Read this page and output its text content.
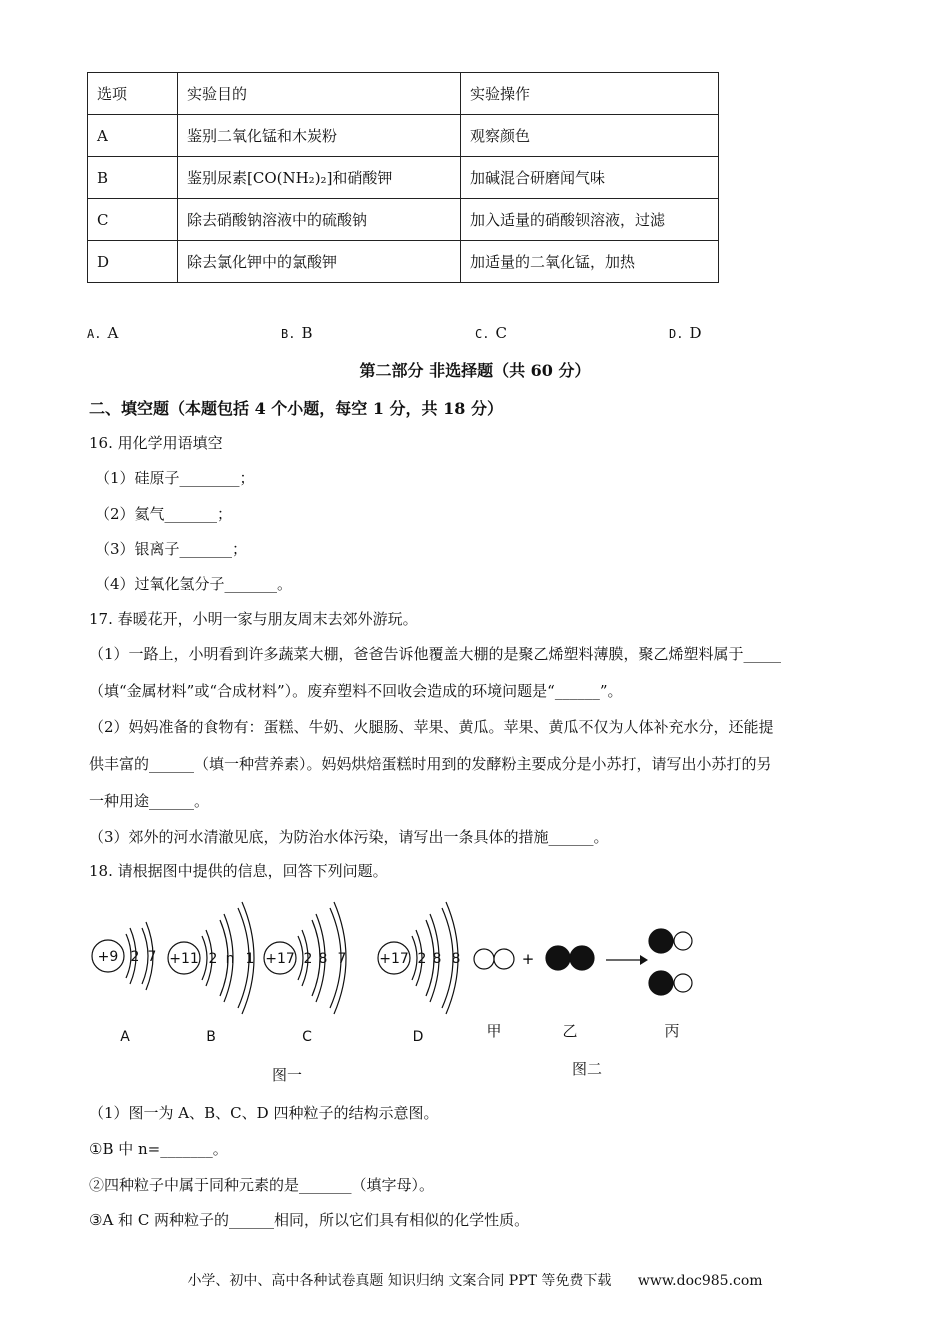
选项	实验目的	实验操作
A	鉴别二氧化锰和木炭粉	观察颜色
B	鉴别尿素[CO(NH₂)₂]和硝酸钾	加碱混合研磨闻气味
C	除去硝酸钠溶液中的硫酸钠	加入适量的硝酸钡溶液，过滤
D	除去氯化钾中的氯酸钾	加适量的二氧化锰，加热
A. A	B. B	C. C	D. D
第二部分 非选择题（共 60 分）
二、填空题（本题包括 4 个小题，每空 1 分，共 18 分）
16. 用化学用语填空
（1）硅原子________；
（2）氦气_______；
（3）银离子_______；
（4）过氧化氢分子_______。
17. 春暖花开，小明一家与朋友周末去郊外游玩。
（1）一路上，小明看到许多蔬菜大棚，爸爸告诉他覆盖大棚的是聚乙烯塑料薄膜，聚乙烯塑料属于_____
（填“金属材料”或“合成材料”）。废弃塑料不回收会造成的环境问题是“______”。
（2）妈妈准备的食物有：蛋糕、牛奶、火腿肠、苹果、黄瓜。苹果、黄瓜不仅为人体补充水分，还能提
供丰富的______（填一种营养素）。妈妈烘焙蛋糕时用到的发酵粉主要成分是小苏打，请写出小苏打的另
一种用途______。
（3）郊外的河水清澈见底，为防治水体污染，请写出一条具体的措施______。
18. 请根据图中提供的信息，回答下列问题。
+9 2 7 +11 2 n 1 +17 2 8 7 +17 2 8 8
A	B	C	D
+
甲	乙	丙
图一	图二
（1）图一为 A、B、C、D 四种粒子的结构示意图。
①B 中 n=_______。
②四种粒子中属于同种元素的是_______（填字母）。
③A 和 C 两种粒子的______相同，所以它们具有相似的化学性质。
小学、初中、高中各种试卷真题 知识归纳 文案合同 PPT 等免费下载 www.doc985.com
